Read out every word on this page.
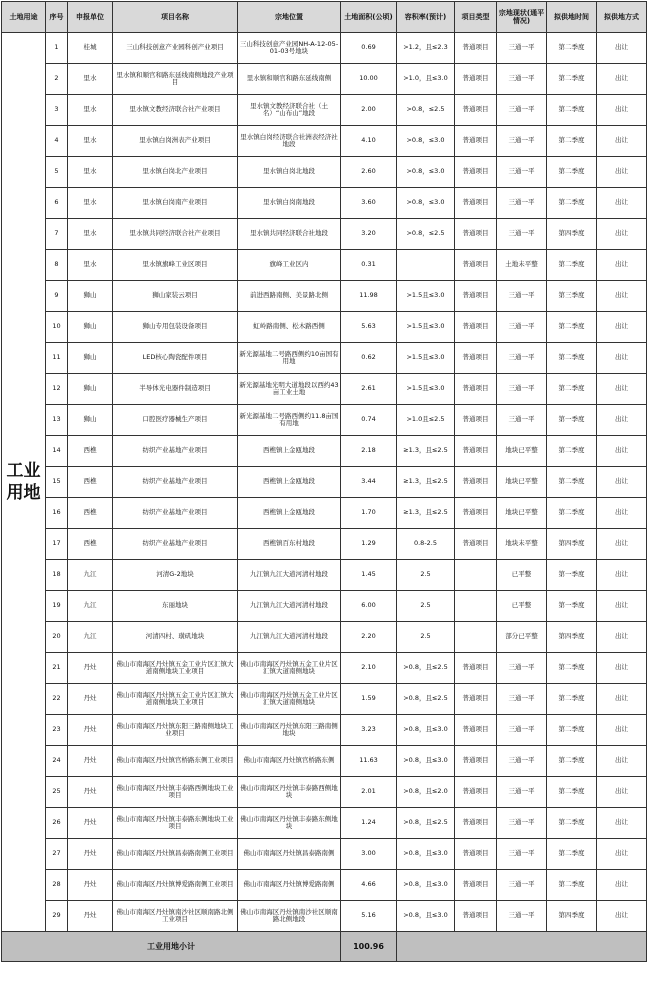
土地用途	序号	申报单位	项目名称	宗地位置	土地面积(公顷)	容积率(预计)	项目类型	宗地现状(通平情况)	拟供地时间	拟供地方式
工业用地	1	桂城	三山科技创意产业园科创产业项目	三山科技创意产业园NH-A-12-05-01-03号地块	0.69	>1.2，且≤2.3	普通项目	三通一平	第二季度	出让
	2	里水	里水镇和顺官和路东延线南侧地段产业项目	里水镇和顺官和路东延线南侧	10.00	>1.0，且≤3.0	普通项目	三通一平	第二季度	出让
	3	里水	里水镇文教经济联合社产业项目	里水镇文教经济联合社（土名）“山布山”地段	2.00	>0.8，≤2.5	普通项目	三通一平	第二季度	出让
	4	里水	里水镇白岗洲表产业项目	里水镇白岗经济联合社洲表经济社地段	4.10	>0.8，≤3.0	普通项目	三通一平	第二季度	出让
	5	里水	里水镇白岗北产业项目	里水镇白岗北地段	2.60	>0.8，≤3.0	普通项目	三通一平	第二季度	出让
	6	里水	里水镇白岗南产业项目	里水镇白岗南地段	3.60	>0.8，≤3.0	普通项目	三通一平	第二季度	出让
	7	里水	里水镇共同经济联合社产业项目	里水镇共同经济联合社地段	3.20	>0.8，≤2.5	普通项目	三通一平	第四季度	出让
	8	里水	里水镇旗峰工业区项目	旗峰工业区内	0.31		普通项目	土地未平整	第二季度	出让
	9	狮山	狮山家装云项目	前进西路南侧、美景路北侧	11.98	>1.5且≤3.0	普通项目	三通一平	第三季度	出让
	10	狮山	狮山专用包装设备项目	虹岭路南侧、松木路西侧	5.63	>1.5且≤3.0	普通项目	三通一平	第二季度	出让
	11	狮山	LED核心陶瓷配件项目	新光源基地二号路西侧约10亩国有用地	0.62	>1.5且≤3.0	普通项目	三通一平	第二季度	出让
	12	狮山	半导体光电器件制造项目	新光源基地光明大道地段以西约43亩工业土地	2.61	>1.5且≤3.0	普通项目	三通一平	第二季度	出让
	13	狮山	口腔医疗器械生产项目	新光源基地二号路西侧约11.8亩国有用地	0.74	>1.0且≤2.5	普通项目	三通一平	第一季度	出让
	14	西樵	纺织产业基地产业项目	西樵镇上金瓯地段	2.18	≥1.3，且≤2.5	普通项目	地块已平整	第二季度	出让
	15	西樵	纺织产业基地产业项目	西樵镇上金瓯地段	3.44	≥1.3，且≤2.5	普通项目	地块已平整	第二季度	出让
	16	西樵	纺织产业基地产业项目	西樵镇上金瓯地段	1.70	≥1.3，且≤2.5	普通项目	地块已平整	第二季度	出让
	17	西樵	纺织产业基地产业项目	西樵镇百东村地段	1.29	0.8-2.5	普通项目	地块未平整	第四季度	出让
	18	九江	河清G-2地块	九江镇九江大道河清村地段	1.45	2.5		已平整	第一季度	出让
	19	九江	东丽地块	九江镇九江大道河清村地段	6.00	2.5		已平整	第一季度	出让
	20	九江	河清四村、璜矶地块	九江镇九江大道河清村地段	2.20	2.5		部分已平整	第四季度	出让
	21	丹灶	佛山市南海区丹灶镇五金工业片区汇镇大道南侧地块工业项目	佛山市南海区丹灶镇五金工业片区汇镇大道南侧地块	2.10	>0.8，且≤2.5	普通项目	三通一平	第二季度	出让
	22	丹灶	佛山市南海区丹灶镇五金工业片区汇镇大道南侧地块工业项目	佛山市南海区丹灶镇五金工业片区汇镇大道南侧地块	1.59	>0.8，且≤2.5	普通项目	三通一平	第二季度	出让
	23	丹灶	佛山市南海区丹灶镇东阳三路南侧地块工业项目	佛山市南海区丹灶镇东阳三路南侧地块	3.23	>0.8，且≤3.0	普通项目	三通一平	第二季度	出让
	24	丹灶	佛山市南海区丹灶镇官桥路东侧工业项目	佛山市南海区丹灶镇官桥路东侧	11.63	>0.8，且≤3.0	普通项目	三通一平	第二季度	出让
	25	丹灶	佛山市南海区丹灶镇丰泰路西侧地块工业项目	佛山市南海区丹灶镇丰泰路西侧地块	2.01	>0.8，且≤2.0	普通项目	三通一平	第二季度	出让
	26	丹灶	佛山市南海区丹灶镇丰泰路东侧地块工业项目	佛山市南海区丹灶镇丰泰路东侧地块	1.24	>0.8，且≤2.5	普通项目	三通一平	第二季度	出让
	27	丹灶	佛山市南海区丹灶镇昌泰路南侧工业项目	佛山市南海区丹灶镇昌泰路南侧	3.00	>0.8，且≤3.0	普通项目	三通一平	第二季度	出让
	28	丹灶	佛山市南海区丹灶镇博爱路南侧工业项目	佛山市南海区丹灶镇博爱路南侧	4.66	>0.8，且≤3.0	普通项目	三通一平	第二季度	出让
	29	丹灶	佛山市南海区丹灶镇南沙社区顺南路北侧工业项目	佛山市南海区丹灶镇南沙社区顺南路北侧地段	5.16	>0.8，且≤3.0	普通项目	三通一平	第四季度	出让
工业用地小计					100.96					
